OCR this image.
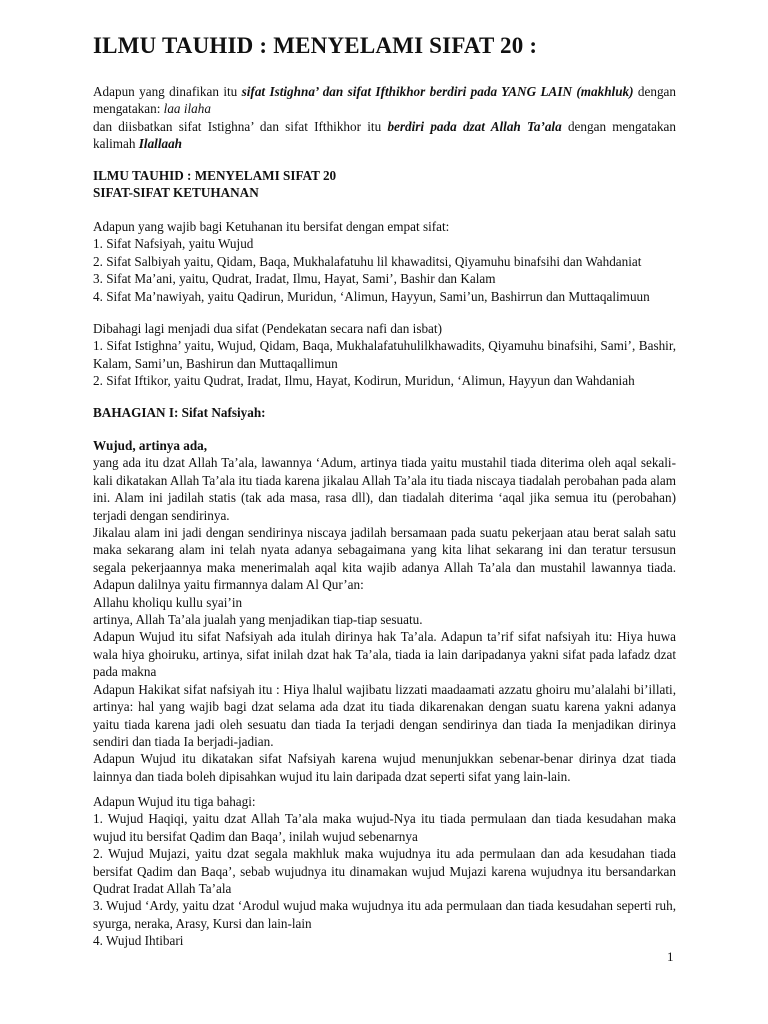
ILMU TAUHID : MENYELAMI SIFAT 20 :

Adapun yang dinafikan itu sifat Istighna’ dan sifat Ifthikhor berdiri pada YANG LAIN (makhluk) dengan mengatakan: laa ilaha

dan diisbatkan sifat Istighna’ dan sifat Ifthikhor itu berdiri pada dzat Allah Ta’ala dengan mengatakan kalimah Ilallaah

ILMU TAUHID : MENYELAMI SIFAT 20

SIFAT-SIFAT KETUHANAN

Adapun yang wajib bagi Ketuhanan itu bersifat dengan empat sifat:

1. Sifat Nafsiyah, yaitu Wujud

2. Sifat Salbiyah yaitu, Qidam, Baqa, Mukhalafatuhu lil khawaditsi, Qiyamuhu binafsihi dan Wahdaniat

3. Sifat Ma’ani, yaitu, Qudrat, Iradat, Ilmu, Hayat, Sami’, Bashir dan Kalam

4. Sifat Ma’nawiyah, yaitu Qadirun, Muridun, ‘Alimun, Hayyun, Sami’un, Bashirrun dan Muttaqalimuun

Dibahagi lagi menjadi dua sifat (Pendekatan secara nafi dan isbat)

1. Sifat Istighna’ yaitu, Wujud, Qidam, Baqa, Mukhalafatuhulilkhawadits, Qiyamuhu binafsihi, Sami’, Bashir, Kalam, Sami’un, Bashirun dan Muttaqallimun

2. Sifat Iftikor, yaitu Qudrat, Iradat, Ilmu, Hayat, Kodirun, Muridun, ‘Alimun, Hayyun dan Wahdaniah

BAHAGIAN I: Sifat Nafsiyah:

Wujud, artinya ada,

yang ada itu dzat Allah Ta’ala, lawannya ‘Adum, artinya tiada yaitu mustahil tiada diterima oleh aqal sekali-kali dikatakan Allah Ta’ala itu tiada karena jikalau Allah Ta’ala itu tiada niscaya tiadalah perobahan pada alam ini. Alam ini jadilah statis (tak ada masa, rasa dll), dan tiadalah diterima ‘aqal jika semua itu (perobahan) terjadi dengan sendirinya.

Jikalau alam ini jadi dengan sendirinya niscaya jadilah bersamaan pada suatu pekerjaan atau berat salah satu maka sekarang alam ini telah nyata adanya sebagaimana yang kita lihat sekarang ini dan teratur tersusun segala pekerjaannya maka menerimalah aqal kita wajib adanya Allah Ta’ala dan mustahil lawannya tiada. Adapun dalilnya yaitu firmannya dalam Al Qur’an:

Allahu kholiqu kullu syai’in

artinya, Allah Ta’ala jualah yang menjadikan tiap-tiap sesuatu.

Adapun Wujud itu sifat Nafsiyah ada itulah dirinya hak Ta’ala. Adapun ta’rif sifat nafsiyah itu: Hiya huwa wala hiya ghoiruku, artinya, sifat inilah dzat hak Ta’ala, tiada ia lain daripadanya yakni sifat pada lafadz dzat pada makna

Adapun Hakikat sifat nafsiyah itu : Hiya lhalul wajibatu lizzati maadaamati azzatu ghoiru mu’alalahi bi’illati, artinya: hal yang wajib bagi dzat selama ada dzat itu tiada dikarenakan dengan suatu karena yakni adanya yaitu tiada karena jadi oleh sesuatu dan tiada Ia terjadi dengan sendirinya dan tiada Ia menjadikan dirinya sendiri dan tiada Ia berjadi-jadian.

Adapun Wujud itu dikatakan sifat Nafsiyah karena wujud menunjukkan sebenar-benar dirinya dzat tiada lainnya dan tiada boleh dipisahkan wujud itu lain daripada dzat seperti sifat yang lain-lain.

Adapun Wujud itu tiga bahagi:

1. Wujud Haqiqi, yaitu dzat Allah Ta’ala maka wujud-Nya itu tiada permulaan dan tiada kesudahan maka wujud itu bersifat Qadim dan Baqa’, inilah wujud sebenarnya

2. Wujud Mujazi, yaitu dzat segala makhluk maka wujudnya itu ada permulaan dan ada kesudahan tiada bersifat Qadim dan Baqa’, sebab wujudnya itu dinamakan wujud Mujazi karena wujudnya itu bersandarkan Qudrat Iradat Allah Ta’ala

3. Wujud ‘Ardy, yaitu dzat ‘Arodul wujud maka wujudnya itu ada permulaan dan tiada kesudahan seperti ruh, syurga, neraka, Arasy, Kursi dan lain-lain

4. Wujud Ihtibari

1
